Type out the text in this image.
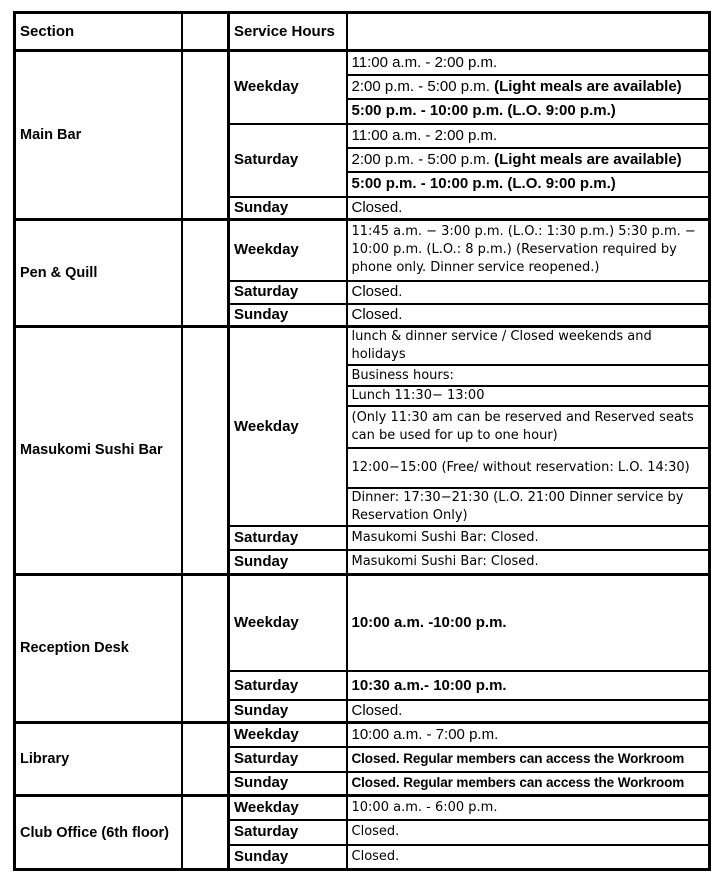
Section		Service Hours	
Main Bar		Weekday	11:00 a.m. - 2:00 p.m.
			2:00 p.m. - 5:00 p.m. (Light meals are available)
			5:00 p.m. - 10:00 p.m. (L.O. 9:00 p.m.)
		Saturday	11:00 a.m. - 2:00 p.m.
			2:00 p.m. - 5:00 p.m. (Light meals are available)
			5:00 p.m. - 10:00 p.m. (L.O. 9:00 p.m.)
		Sunday	Closed.
Pen & Quill		Weekday	11:45 a.m. − 3:00 p.m. (L.O.: 1:30 p.m.) 5:30 p.m. − 10:00 p.m. (L.O.: 8 p.m.) (Reservation required by phone only. Dinner service reopened.)
		Saturday	Closed.
		Sunday	Closed.
Masukomi Sushi Bar		Weekday	lunch & dinner service / Closed weekends and holidays
			Business hours:
			Lunch 11:30− 13:00
			(Only 11:30 am can be reserved and Reserved seats can be used for up to one hour)
			12:00−15:00 (Free/ without reservation: L.O. 14:30)
			Dinner: 17:30−21:30 (L.O. 21:00 Dinner service by Reservation Only)
		Saturday	Masukomi Sushi Bar: Closed.
		Sunday	Masukomi Sushi Bar: Closed.
Reception Desk		Weekday	10:00 a.m. -10:00 p.m.
		Saturday	10:30 a.m.- 10:00 p.m.
		Sunday	Closed.
Library		Weekday	10:00 a.m. - 7:00 p.m.
		Saturday	Closed. Regular members can access the Workroom
		Sunday	Closed. Regular members can access the Workroom
Club Office (6th floor)		Weekday	10:00 a.m. - 6:00 p.m.
		Saturday	Closed.
		Sunday	Closed.
